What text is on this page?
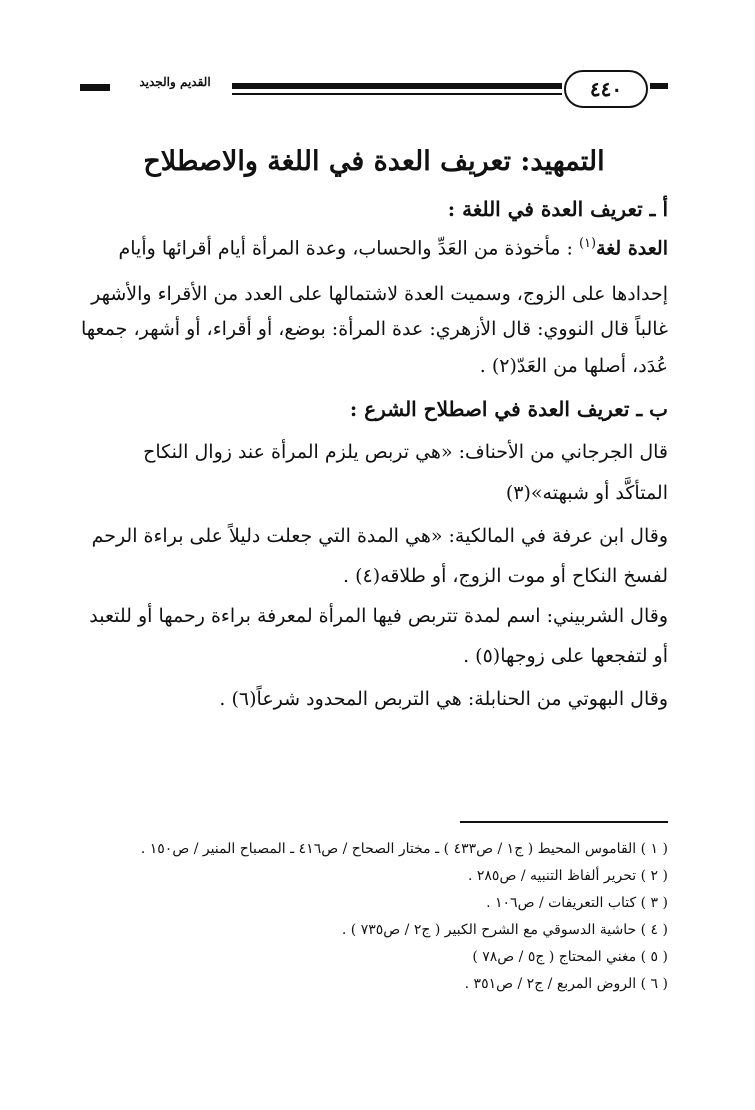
القديم والجديد	٤٤٠
التمهيد: تعريف العدة في اللغة والاصطلاح
أ ـ تعريف العدة في اللغة :
العدة لغة$^{(١)}$ : مأخوذة من العَدِّ والحساب، وعدة المرأة أيام أقرائها وأيام
إحدادها على الزوج، وسميت العدة لاشتمالها على العدد من الأقراء والأشهر
غالباً قال النووي: قال الأزهري: عدة المرأة: بوضع، أو أقراء، أو أشهر، جمعها
عُدَد، أصلها من العَدّ(٢) .
ب ـ تعريف العدة في اصطلاح الشرع :
قال الجرجاني من الأحناف: «هي تربص يلزم المرأة عند زوال النكاح
المتأكَّد أو شبهته»(٣)
وقال ابن عرفة في المالكية: «هي المدة التي جعلت دليلاً على براءة الرحم
لفسخ النكاح أو موت الزوج، أو طلاقه(٤) .
وقال الشربيني: اسم لمدة تتربص فيها المرأة لمعرفة براءة رحمها أو للتعبد
أو لتفجعها على زوجها(٥) .
وقال البهوتي من الحنابلة: هي التربص المحدود شرعاً(٦) .
( ١ ) القاموس المحيط ( ج١ / ص٤٣٣ ) ـ مختار الصحاح / ص٤١٦ ـ المصباح المنير / ص١٥٠ .
( ٢ ) تحرير ألفاظ التنبيه / ص٢٨٥ .
( ٣ ) كتاب التعريفات / ص١٠٦ .
( ٤ ) حاشية الدسوقي مع الشرح الكبير ( ج٢ / ص٧٣٥ ) .
( ٥ ) مغني المحتاج ( ج٥ / ص٧٨ )
( ٦ ) الروض المربع / ج٢ / ص٣٥١ .
